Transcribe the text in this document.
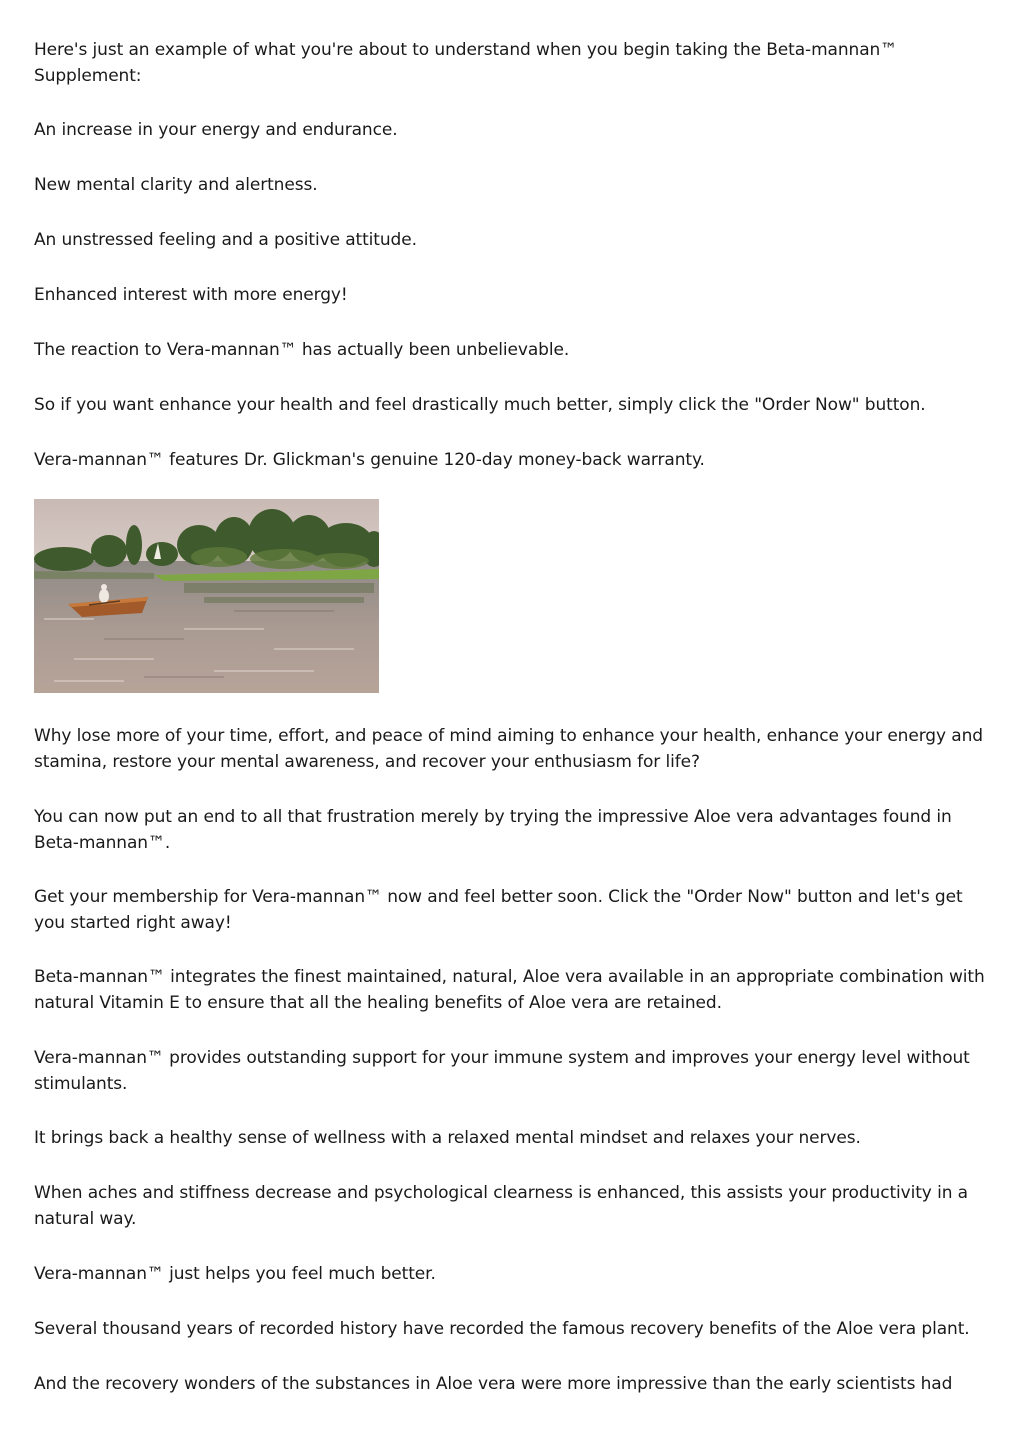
Here's just an example of what you're about to understand when you begin taking the Beta-mannan™ Supplement:

An increase in your energy and endurance.

New mental clarity and alertness.

An unstressed feeling and a positive attitude.

Enhanced interest with more energy!

The reaction to Vera-mannan™ has actually been unbelievable.

So if you want enhance your health and feel drastically much better, simply click the "Order Now" button.

Vera-mannan™ features Dr. Glickman's genuine 120-day money-back warranty.

Why lose more of your time, effort, and peace of mind aiming to enhance your health, enhance your energy and stamina, restore your mental awareness, and recover your enthusiasm for life?

You can now put an end to all that frustration merely by trying the impressive Aloe vera advantages found in Beta-mannan™.

Get your membership for Vera-mannan™ now and feel better soon. Click the "Order Now" button and let's get you started right away!

Beta-mannan™ integrates the finest maintained, natural, Aloe vera available in an appropriate combination with natural Vitamin E to ensure that all the healing benefits of Aloe vera are retained.

Vera-mannan™ provides outstanding support for your immune system and improves your energy level without stimulants.

It brings back a healthy sense of wellness with a relaxed mental mindset and relaxes your nerves.

When aches and stiffness decrease and psychological clearness is enhanced, this assists your productivity in a natural way.

Vera-mannan™ just helps you feel much better.

Several thousand years of recorded history have recorded the famous recovery benefits of the Aloe vera plant.

And the recovery wonders of the substances in Aloe vera were more impressive than the early scientists had
